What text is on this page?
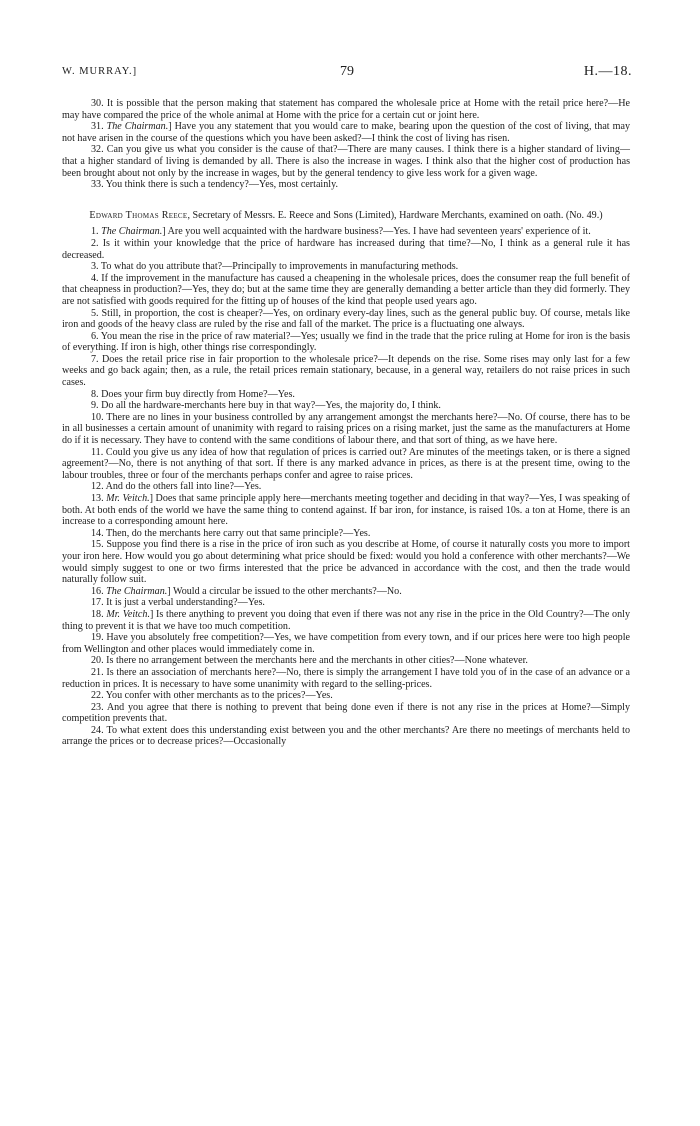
W. MURRAY.]	79	H.—18.

30. It is possible that the person making that statement has compared the wholesale price at Home with the retail price here?—He may have compared the price of the whole animal at Home with the price for a certain cut or joint here.

31. The Chairman.] Have you any statement that you would care to make, bearing upon the question of the cost of living, that may not have arisen in the course of the questions which you have been asked?—I think the cost of living has risen.

32. Can you give us what you consider is the cause of that?—There are many causes. I think there is a higher standard of living—that a higher standard of living is demanded by all. There is also the increase in wages. I think also that the higher cost of production has been brought about not only by the increase in wages, but by the general tendency to give less work for a given wage.

33. You think there is such a tendency?—Yes, most certainly.

Edward Thomas Reece, Secretary of Messrs. E. Reece and Sons (Limited), Hardware Merchants, examined on oath. (No. 49.)

1. The Chairman.] Are you well acquainted with the hardware business?—Yes. I have had seventeen years' experience of it.

2. Is it within your knowledge that the price of hardware has increased during that time?—No, I think as a general rule it has decreased.

3. To what do you attribute that?—Principally to improvements in manufacturing methods.

4. If the improvement in the manufacture has caused a cheapening in the wholesale prices, does the consumer reap the full benefit of that cheapness in production?—Yes, they do; but at the same time they are generally demanding a better article than they did formerly. They are not satisfied with goods required for the fitting up of houses of the kind that people used years ago.

5. Still, in proportion, the cost is cheaper?—Yes, on ordinary every-day lines, such as the general public buy. Of course, metals like iron and goods of the heavy class are ruled by the rise and fall of the market. The price is a fluctuating one always.

6. You mean the rise in the price of raw material?—Yes; usually we find in the trade that the price ruling at Home for iron is the basis of everything. If iron is high, other things rise correspondingly.

7. Does the retail price rise in fair proportion to the wholesale price?—It depends on the rise. Some rises may only last for a few weeks and go back again; then, as a rule, the retail prices remain stationary, because, in a general way, retailers do not raise prices in such cases.

8. Does your firm buy directly from Home?—Yes.

9. Do all the hardware-merchants here buy in that way?—Yes, the majority do, I think.

10. There are no lines in your business controlled by any arrangement amongst the merchants here?—No. Of course, there has to be in all businesses a certain amount of unanimity with regard to raising prices on a rising market, just the same as the manufacturers at Home do if it is necessary. They have to contend with the same conditions of labour there, and that sort of thing, as we have here.

11. Could you give us any idea of how that regulation of prices is carried out? Are minutes of the meetings taken, or is there a signed agreement?—No, there is not anything of that sort. If there is any marked advance in prices, as there is at the present time, owing to the labour troubles, three or four of the merchants perhaps confer and agree to raise prices.

12. And do the others fall into line?—Yes.

13. Mr. Veitch.] Does that same principle apply here—merchants meeting together and deciding in that way?—Yes, I was speaking of both. At both ends of the world we have the same thing to contend against. If bar iron, for instance, is raised 10s. a ton at Home, there is an increase to a corresponding amount here.

14. Then, do the merchants here carry out that same principle?—Yes.

15. Suppose you find there is a rise in the price of iron such as you describe at Home, of course it naturally costs you more to import your iron here. How would you go about determining what price should be fixed: would you hold a conference with other merchants?—We would simply suggest to one or two firms interested that the price be advanced in accordance with the cost, and then the trade would naturally follow suit.

16. The Chairman.] Would a circular be issued to the other merchants?—No.

17. It is just a verbal understanding?—Yes.

18. Mr. Veitch.] Is there anything to prevent you doing that even if there was not any rise in the price in the Old Country?—The only thing to prevent it is that we have too much competition.

19. Have you absolutely free competition?—Yes, we have competition from every town, and if our prices here were too high people from Wellington and other places would immediately come in.

20. Is there no arrangement between the merchants here and the merchants in other cities?—None whatever.

21. Is there an association of merchants here?—No, there is simply the arrangement I have told you of in the case of an advance or a reduction in prices. It is necessary to have some unanimity with regard to the selling-prices.

22. You confer with other merchants as to the prices?—Yes.

23. And you agree that there is nothing to prevent that being done even if there is not any rise in the prices at Home?—Simply competition prevents that.

24. To what extent does this understanding exist between you and the other merchants? Are there no meetings of merchants held to arrange the prices or to decrease prices?—Occasionally
